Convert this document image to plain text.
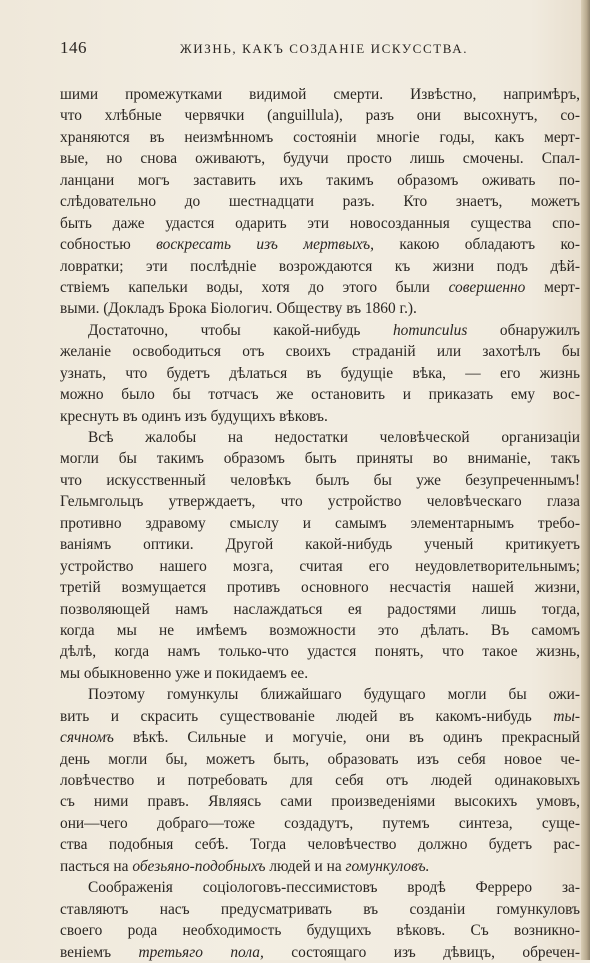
146	ЖИЗНЬ, КАКЪ СОЗДАНІЕ ИСКУССТВА.
шими промежутками видимой смерти. Извѣстно, напримѣръ,
что хлѣбные червячки (anguillula), разъ они высохнутъ, со-
храняются въ неизмѣнномъ состояніи многіе годы, какъ мерт-
вые, но снова оживаютъ, будучи просто лишь смочены. Спал-
ланцани могъ заставить ихъ такимъ образомъ оживать по-
слѣдовательно до шестнадцати разъ. Кто знаетъ, можетъ
быть даже удастся одарить эти новосозданныя существа спо-
собностью воскресать изъ мертвыхъ, какою обладаютъ ко-
ловратки; эти послѣдніе возрождаются къ жизни подъ дѣй-
ствіемъ капельки воды, хотя до этого были совершенно мерт-
выми. (Докладъ Брока Біологич. Обществу въ 1860 г.).
Достаточно, чтобы какой-нибудь homunculus обнаружилъ
желаніе освободиться отъ своихъ страданій или захотѣлъ бы
узнать, что будетъ дѣлаться въ будущіе вѣка, — его жизнь
можно было бы тотчасъ же остановить и приказать ему вос-
креснуть въ одинъ изъ будущихъ вѣковъ.
Всѣ жалобы на недостатки человѣческой организаціи
могли бы такимъ образомъ быть приняты во вниманіе, такъ
что искусственный человѣкъ былъ бы уже безупреченнымъ!
Гельмгольцъ утверждаетъ, что устройство человѣческаго глаза
противно здравому смыслу и самымъ элементарнымъ требо-
ваніямъ оптики. Другой какой-нибудь ученый критикуетъ
устройство нашего мозга, считая его неудовлетворительнымъ;
третій возмущается противъ основного несчастія нашей жизни,
позволяющей намъ наслаждаться ея радостями лишь тогда,
когда мы не имѣемъ возможности это дѣлать. Въ самомъ
дѣлѣ, когда намъ только-что удастся понять, что такое жизнь,
мы обыкновенно уже и покидаемъ ее.
Поэтому гомункулы ближайшаго будущаго могли бы ожи-
вить и скрасить существованіе людей въ какомъ-нибудь ты-
сячномъ вѣкѣ. Сильные и могучіе, они въ одинъ прекрасный
день могли бы, можетъ быть, образовать изъ себя новое че-
ловѣчество и потребовать для себя отъ людей одинаковыхъ
съ ними правъ. Являясь сами произведеніями высокихъ умовъ,
они—чего добраго—тоже создадутъ, путемъ синтеза, суще-
ства подобныя себѣ. Тогда человѣчество должно будетъ рас-
пасться на обезьяно-подобныхъ людей и на гомункуловъ.
Соображенія соціологовъ-пессимистовъ вродѣ Ферреро за-
ставляютъ насъ предусматривать въ созданіи гомункуловъ
своего рода необходимость будущихъ вѣковъ. Съ возникно-
веніемъ третьяго пола, состоящаго изъ дѣвицъ, обречен-
